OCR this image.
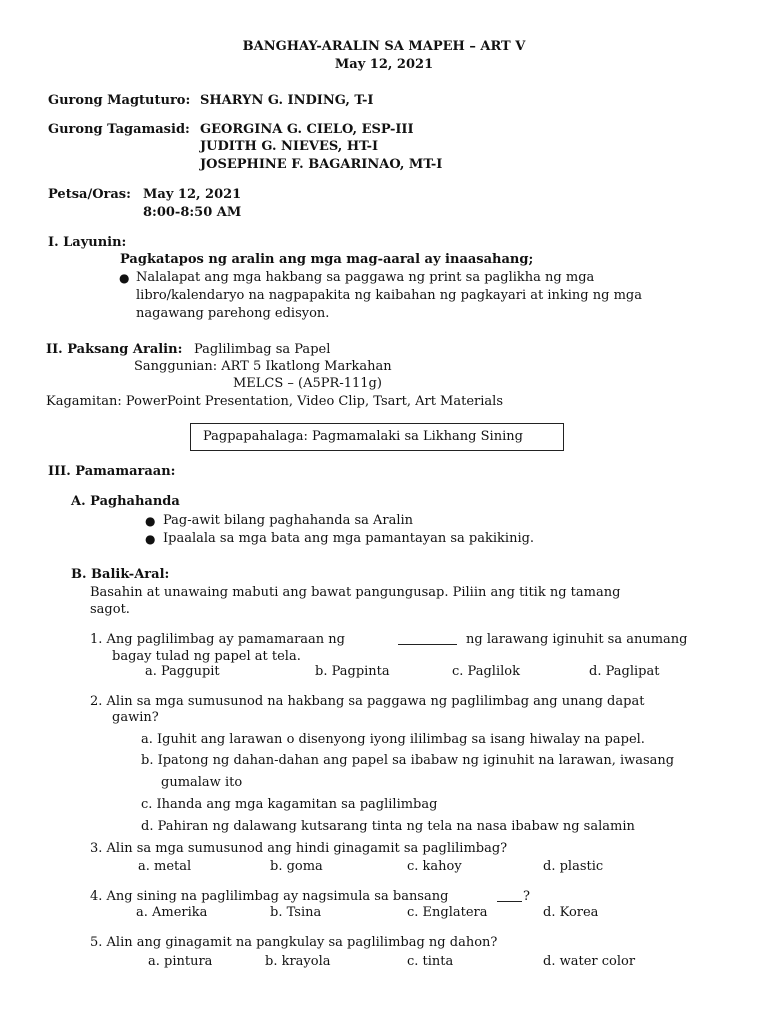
BANGHAY-ARALIN SA MAPEH – ART V
May 12, 2021
Gurong Magtuturo: SHARYN G. INDING, T-I
Gurong Tagamasid: GEORGINA G. CIELO, ESP-III
JUDITH G. NIEVES, HT-I
JOSEPHINE F. BAGARINAO, MT-I
Petsa/Oras: May 12, 2021
8:00-8:50 AM
I. Layunin:
Pagkatapos ng aralin ang mga mag-aaral ay inaasahang;
● Nalalapat ang mga hakbang sa paggawa ng print sa paglikha ng mga
libro/kalendaryo na nagpapakita ng kaibahan ng pagkayari at inking ng mga
nagawang parehong edisyon.
II. Paksang Aralin: Paglilimbag sa Papel
Sanggunian: ART 5 Ikatlong Markahan
MELCS – (A5PR-111g)
Kagamitan: PowerPoint Presentation, Video Clip, Tsart, Art Materials
Pagpapahalaga: Pagmamalaki sa Likhang Sining
III. Pamamaraan:
A. Paghahanda
● Pag-awit bilang paghahanda sa Aralin
● Ipaalala sa mga bata ang mga pamantayan sa pakikinig.
B. Balik-Aral:
Basahin at unawaing mabuti ang bawat pangungusap. Piliin ang titik ng tamang
sagot.
1. Ang paglilimbag ay pamamaraan ng	ng larawang iginuhit sa anumang
bagay tulad ng papel at tela.
a. Paggupit	b. Pagpinta	c. Paglilok	d. Paglipat
2. Alin sa mga sumusunod na hakbang sa paggawa ng paglilimbag ang unang dapat
gawin?
a. Iguhit ang larawan o disenyong iyong ililimbag sa isang hiwalay na papel.
b. Ipatong ng dahan-dahan ang papel sa ibabaw ng iginuhit na larawan, iwasang
gumalaw ito
c. Ihanda ang mga kagamitan sa paglilimbag
d. Pahiran ng dalawang kutsarang tinta ng tela na nasa ibabaw ng salamin
3. Alin sa mga sumusunod ang hindi ginagamit sa paglilimbag?
a. metal	b. goma	c. kahoy	d. plastic
4. Ang sining na paglilimbag ay nagsimula sa bansang	?
a. Amerika	b. Tsina	c. Englatera	d. Korea
5. Alin ang ginagamit na pangkulay sa paglilimbag ng dahon?
a. pintura	b. krayola	c. tinta	d. water color
